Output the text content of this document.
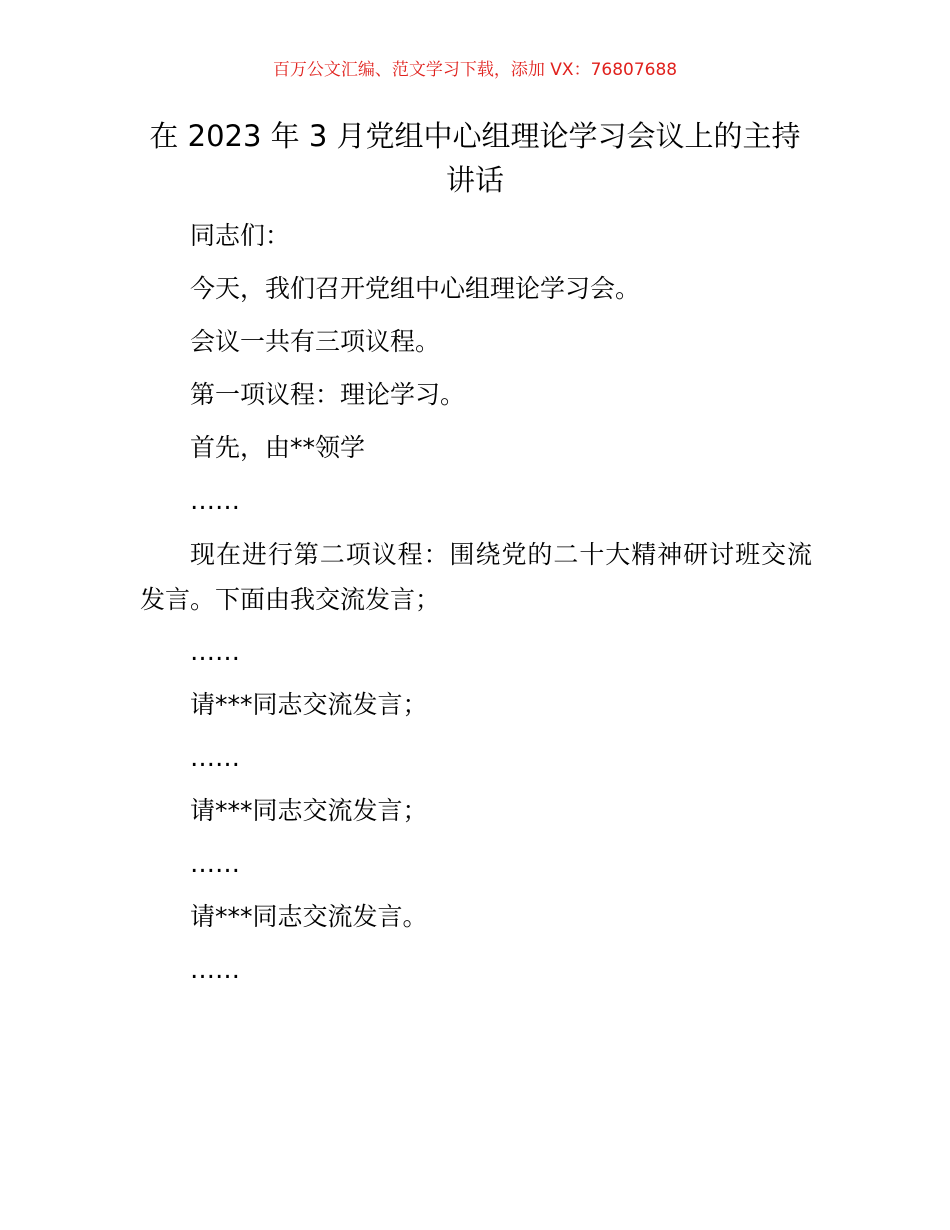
百万公文汇编、范文学习下载，添加 VX：76807688
在 2023 年 3 月党组中心组理论学习会议上的主持讲话

同志们：

今天，我们召开党组中心组理论学习会。

会议一共有三项议程。

第一项议程：理论学习。

首先，由**领学

……

现在进行第二项议程：围绕党的二十大精神研讨班交流发言。下面由我交流发言；

……

请***同志交流发言；

……

请***同志交流发言；

……

请***同志交流发言。

……
